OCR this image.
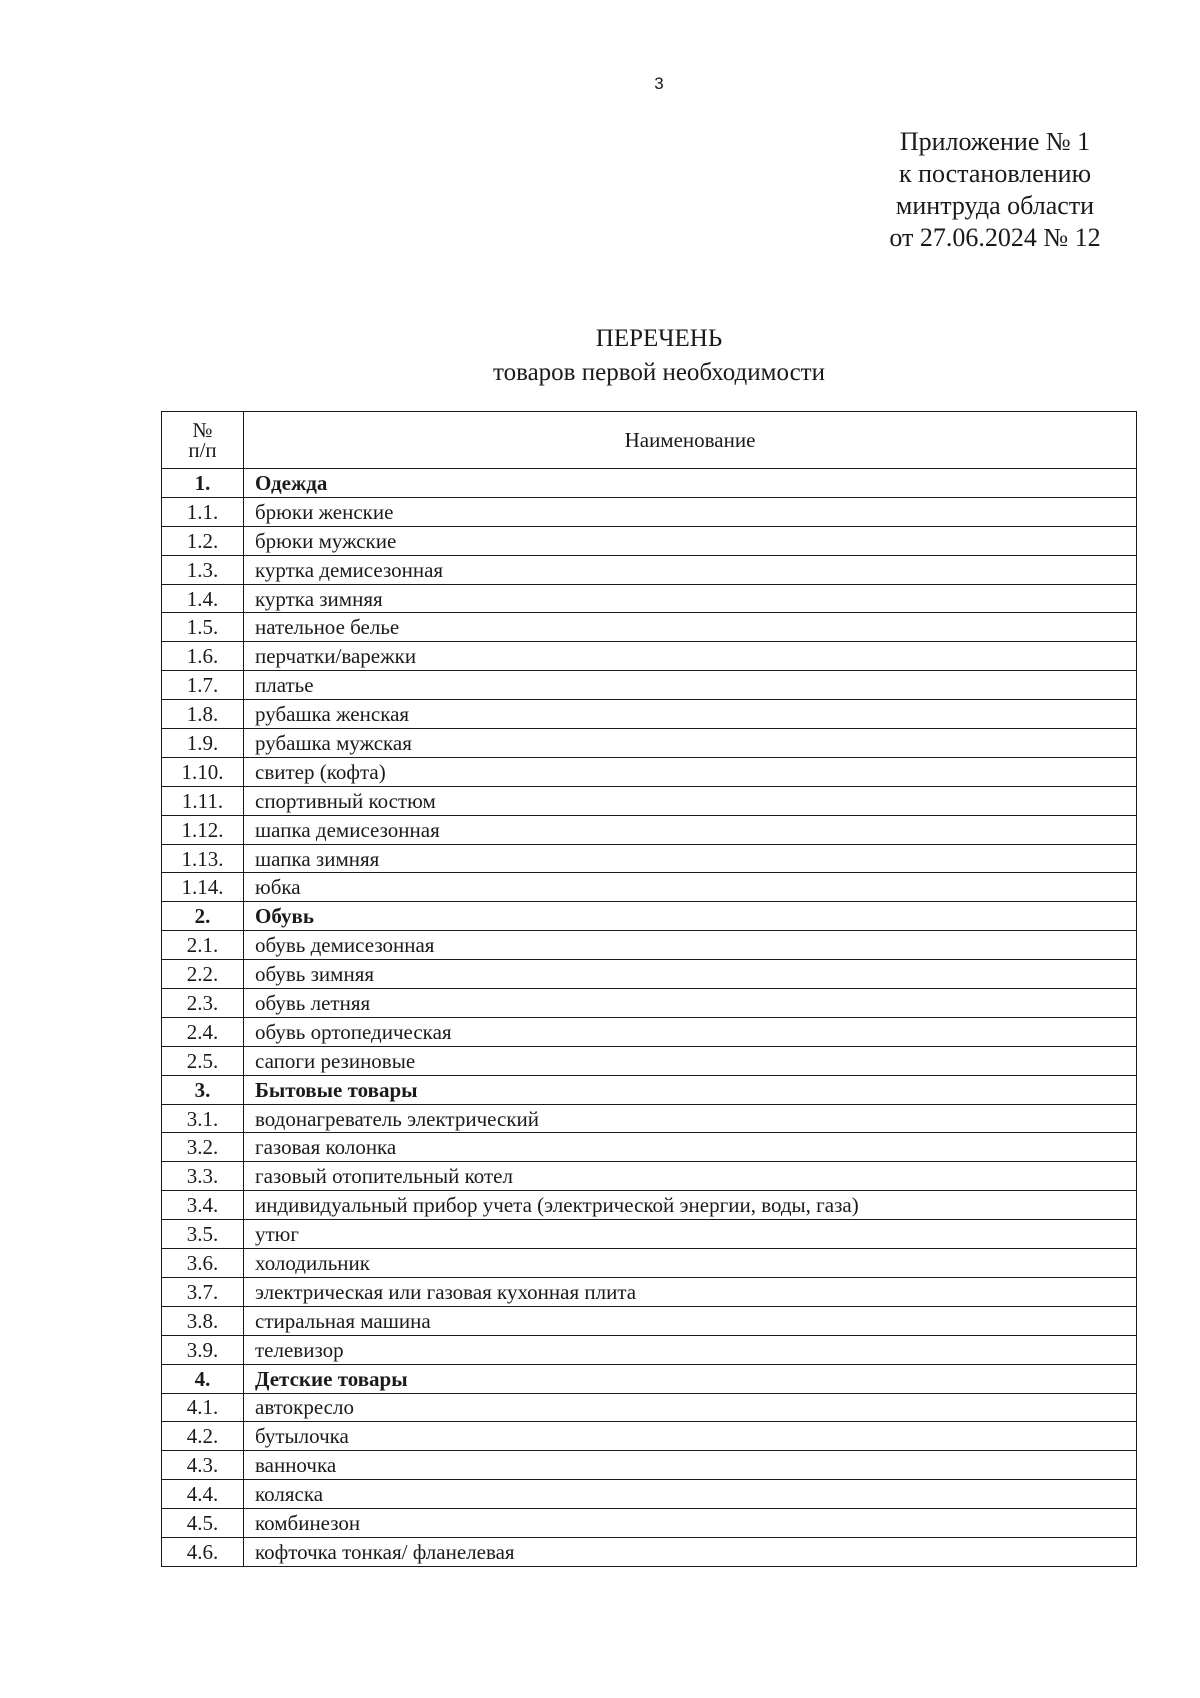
3
Приложение № 1
к постановлению
минтруда области
от 27.06.2024 № 12
ПЕРЕЧЕНЬ
товаров первой необходимости
№
п/п	Наименование
1.	Одежда
1.1.	брюки женские
1.2.	брюки мужские
1.3.	куртка демисезонная
1.4.	куртка зимняя
1.5.	нательное белье
1.6.	перчатки/варежки
1.7.	платье
1.8.	рубашка женская
1.9.	рубашка мужская
1.10.	свитер (кофта)
1.11.	спортивный костюм
1.12.	шапка демисезонная
1.13.	шапка зимняя
1.14.	юбка
2.	Обувь
2.1.	обувь демисезонная
2.2.	обувь зимняя
2.3.	обувь летняя
2.4.	обувь ортопедическая
2.5.	сапоги резиновые
3.	Бытовые товары
3.1.	водонагреватель электрический
3.2.	газовая колонка
3.3.	газовый отопительный котел
3.4.	индивидуальный прибор учета (электрической энергии, воды, газа)
3.5.	утюг
3.6.	холодильник
3.7.	электрическая или газовая кухонная плита
3.8.	стиральная машина
3.9.	телевизор
4.	Детские товары
4.1.	автокресло
4.2.	бутылочка
4.3.	ванночка
4.4.	коляска
4.5.	комбинезон
4.6.	кофточка тонкая/ фланелевая
